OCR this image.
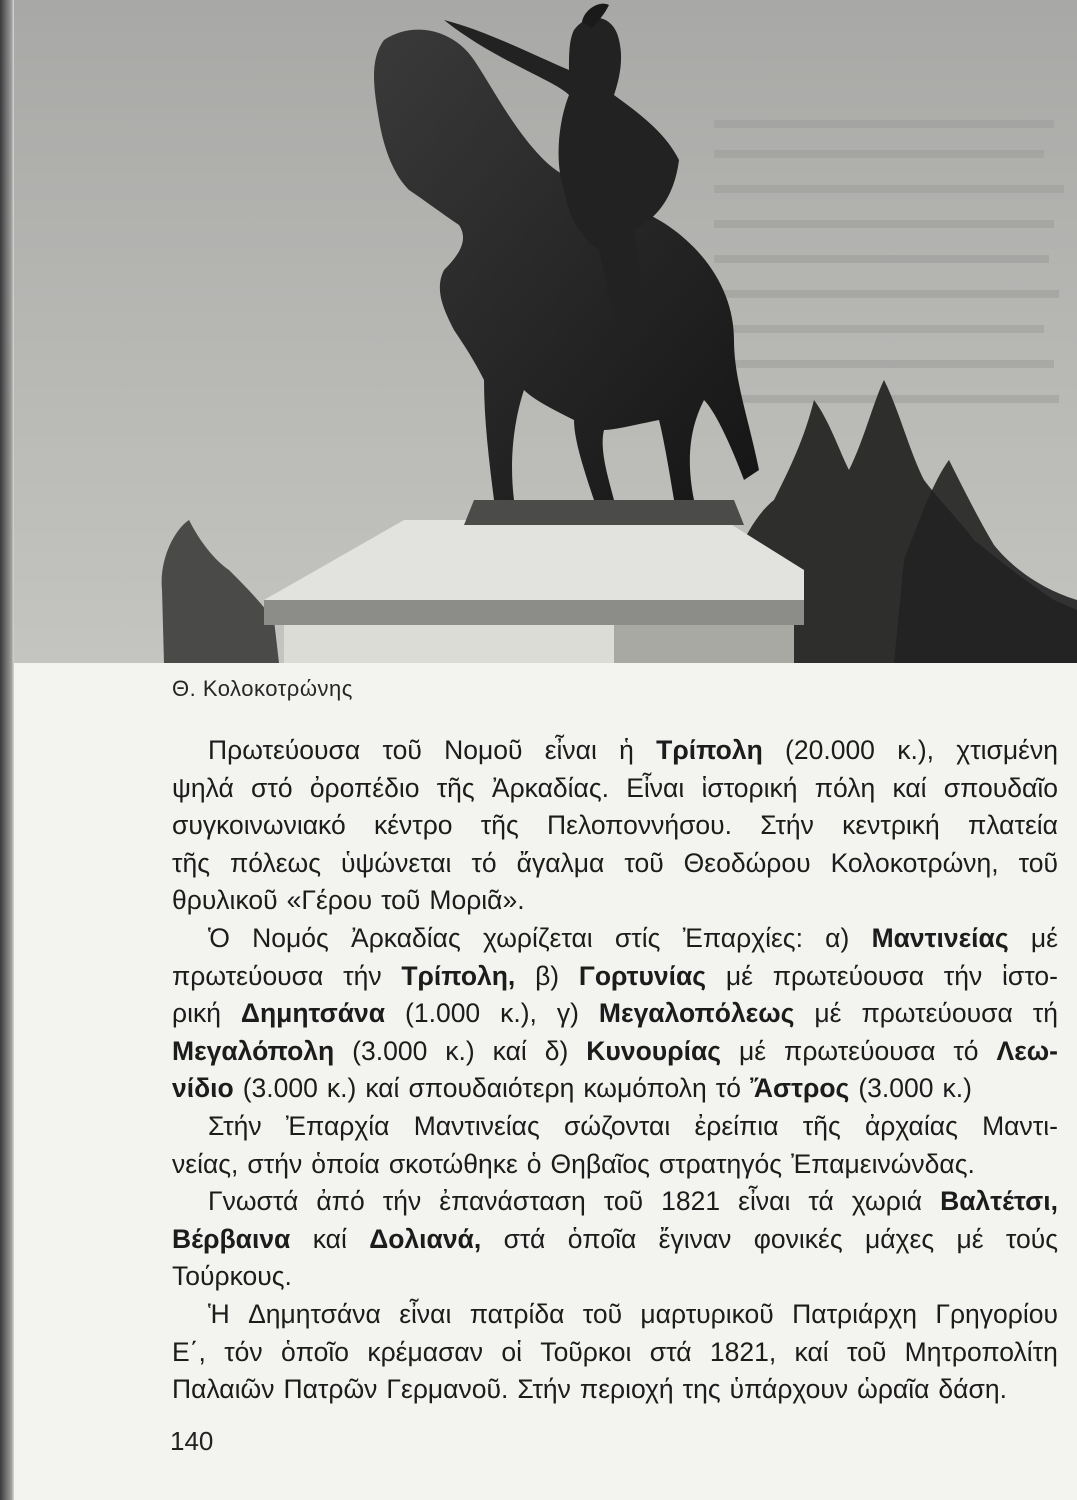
Θ. Κολοκοτρώνης
Πρωτεύουσα τοῦ Νομοῦ εἶναι ἡ Τρίπολη (20.000 κ.), χτισμένη
ψηλά στό ὀροπέδιο τῆς Ἀρκαδίας. Εἶναι ἱστορική πόλη καί σπουδαῖο
συγκοινωνιακό κέντρο τῆς Πελοποννήσου. Στήν κεντρική πλατεία
τῆς πόλεως ὑψώνεται τό ἄγαλμα τοῦ Θεοδώρου Κολοκοτρώνη, τοῦ
θρυλικοῦ «Γέρου τοῦ Μοριᾶ».
Ὁ Νομός Ἀρκαδίας χωρίζεται στίς Ἐπαρχίες: α) Μαντινείας μέ
πρωτεύουσα τήν Τρίπολη, β) Γορτυνίας μέ πρωτεύουσα τήν ἱστο-
ρική Δημητσάνα (1.000 κ.), γ) Μεγαλοπόλεως μέ πρωτεύουσα τή
Μεγαλόπολη (3.000 κ.) καί δ) Κυνουρίας μέ πρωτεύουσα τό Λεω-
νίδιο (3.000 κ.) καί σπουδαιότερη κωμόπολη τό Ἄστρος (3.000 κ.)
Στήν Ἐπαρχία Μαντινείας σώζονται ἐρείπια τῆς ἀρχαίας Μαντι-
νείας, στήν ὁποία σκοτώθηκε ὁ Θηβαῖος στρατηγός Ἐπαμεινώνδας.
Γνωστά ἀπό τήν ἐπανάσταση τοῦ 1821 εἶναι τά χωριά Βαλτέτσι,
Βέρβαινα καί Δολιανά, στά ὁποῖα ἔγιναν φονικές μάχες μέ τούς
Τούρκους.
Ἡ Δημητσάνα εἶναι πατρίδα τοῦ μαρτυρικοῦ Πατριάρχη Γρηγορίου
Ε΄, τόν ὁποῖο κρέμασαν οἱ Τοῦρκοι στά 1821, καί τοῦ Μητροπολίτη
Παλαιῶν Πατρῶν Γερμανοῦ. Στήν περιοχή της ὑπάρχουν ὡραῖα δάση.
140
